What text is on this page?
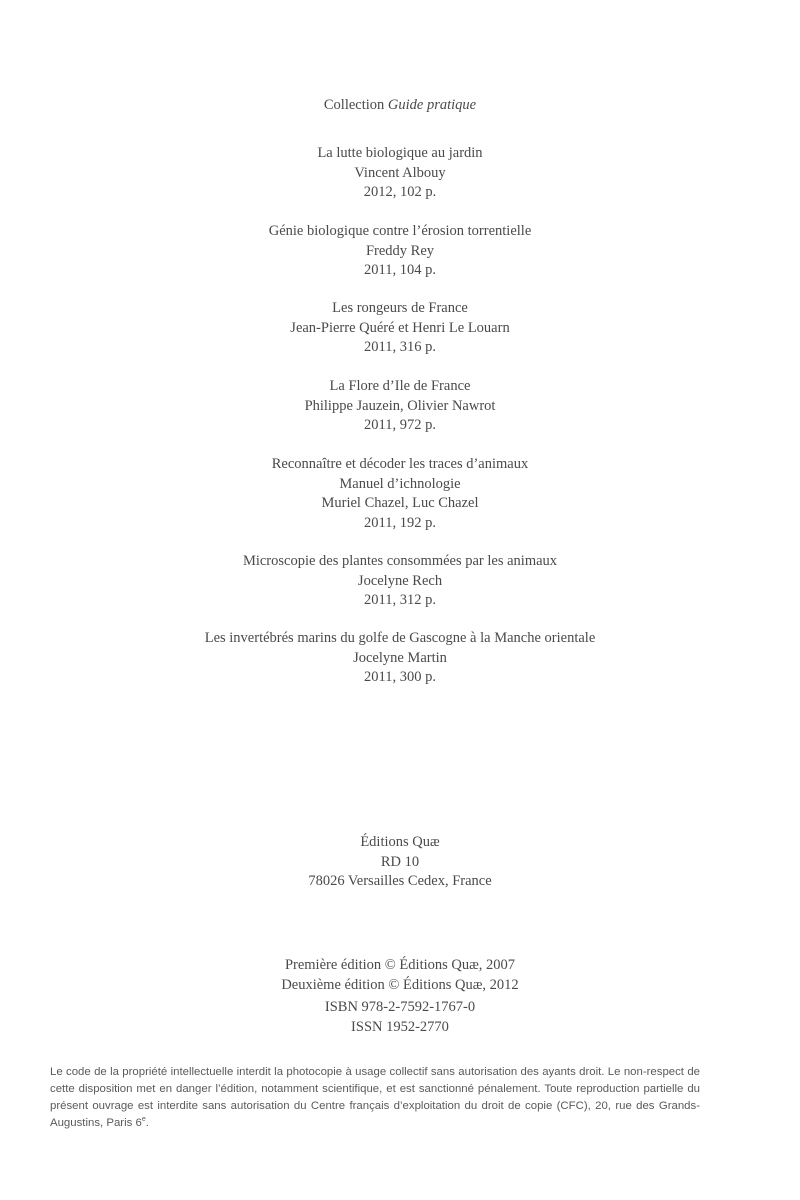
Collection Guide pratique
La lutte biologique au jardin
Vincent Albouy
2012, 102 p.
Génie biologique contre l’érosion torrentielle
Freddy Rey
2011, 104 p.
Les rongeurs de France
Jean-Pierre Quéré et Henri Le Louarn
2011, 316 p.
La Flore d’Ile de France
Philippe Jauzein, Olivier Nawrot
2011, 972 p.
Reconnaître et décoder les traces d’animaux
Manuel d’ichnologie
Muriel Chazel, Luc Chazel
2011, 192 p.
Microscopie des plantes consommées par les animaux
Jocelyne Rech
2011, 312 p.
Les invertébrés marins du golfe de Gascogne à la Manche orientale
Jocelyne Martin
2011, 300 p.
Éditions Quæ
RD 10
78026 Versailles Cedex, France
Première édition © Éditions Quæ, 2007
Deuxième édition © Éditions Quæ, 2012
ISBN 978-2-7592-1767-0
ISSN 1952-2770
Le code de la propriété intellectuelle interdit la photocopie à usage collectif sans autorisation des ayants droit. Le non-respect de cette disposition met en danger l’édition, notamment scientifique, et est sanctionné pénalement. Toute reproduction partielle du présent ouvrage est interdite sans autorisation du Centre français d’exploitation du droit de copie (CFC), 20, rue des Grands-Augustins, Paris 6e.
